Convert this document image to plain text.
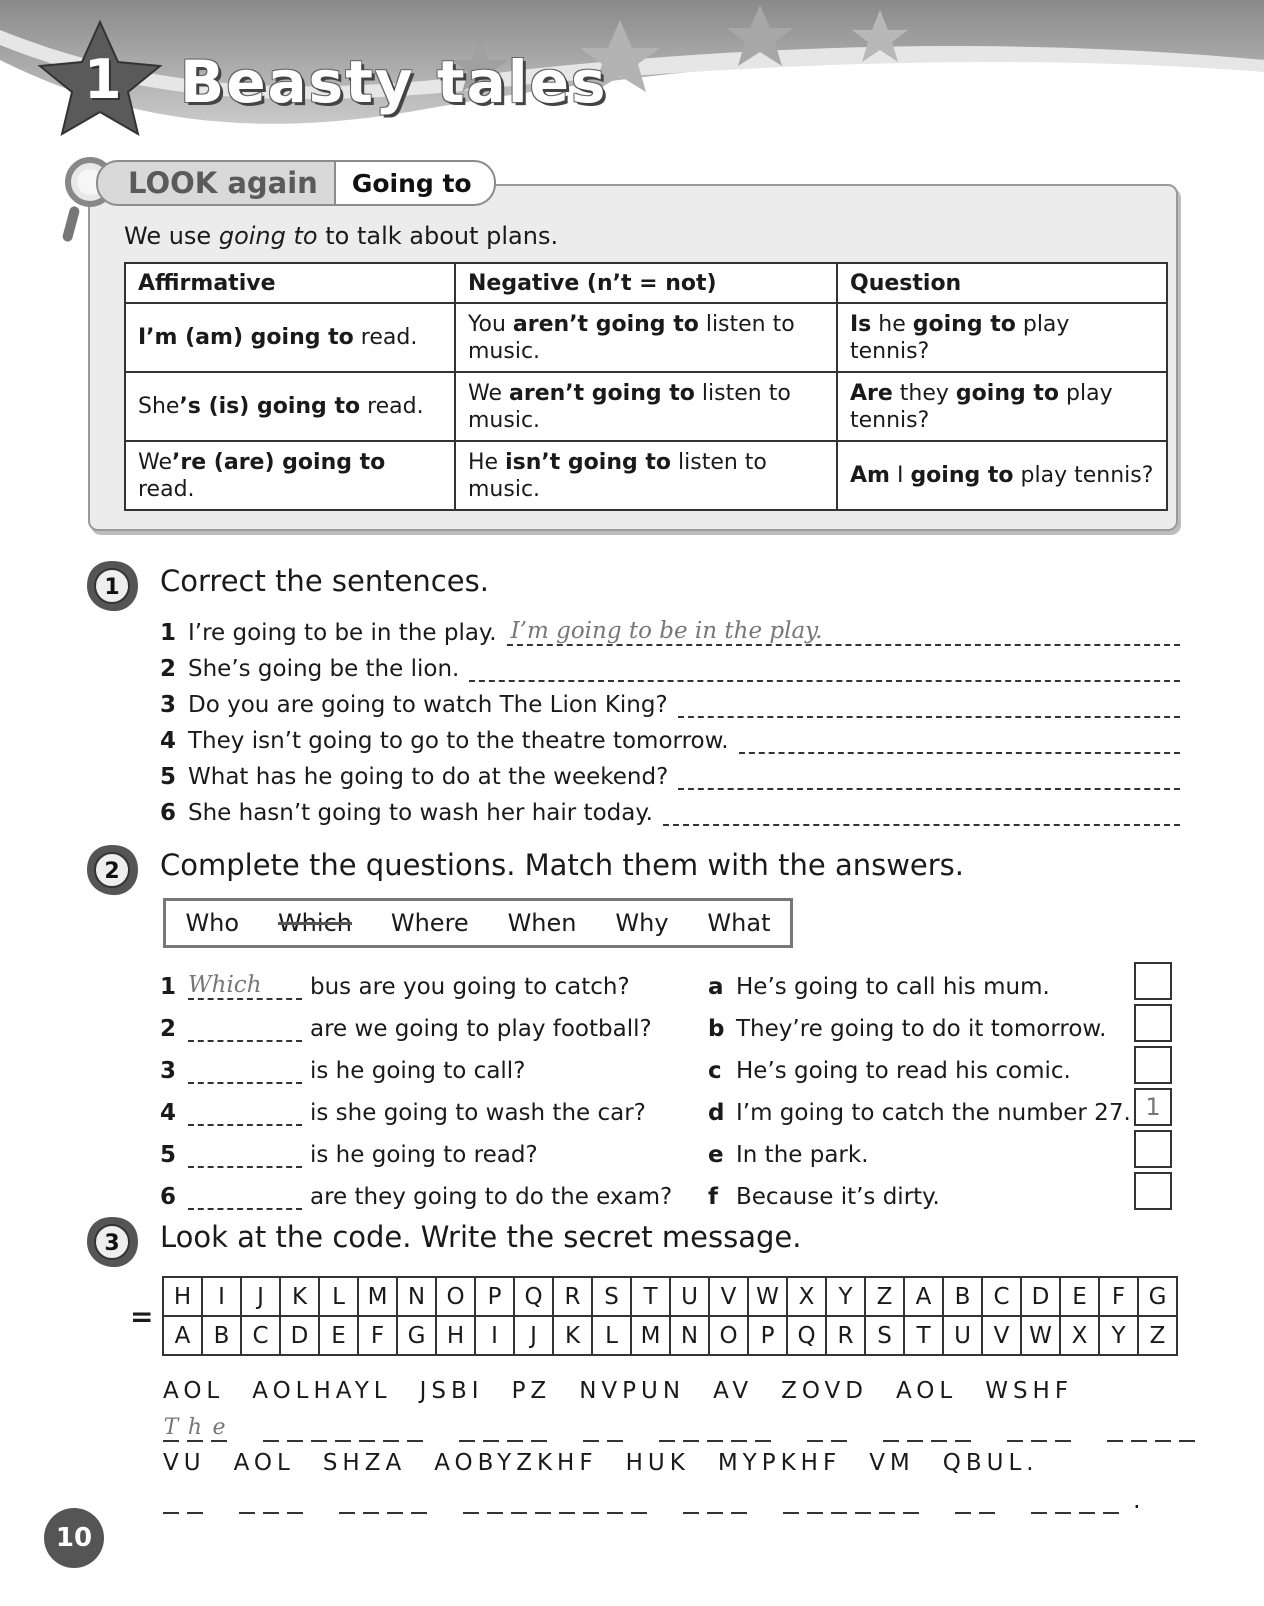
1 Beasty tales
LOOK again	Going to
We use going to to talk about plans.
Affirmative	Negative (n’t = not)	Question
I’m (am) going to read.	You aren’t going to listen to music.	Is he going to play tennis?
She’s (is) going to read.	We aren’t going to listen to music.	Are they going to play tennis?
We’re (are) going to read.	He isn’t going to listen to music.	Am I going to play tennis?
1 Correct the sentences.
1 I’re going to be in the play. I’m going to be in the play.
2 She’s going be the lion.
3 Do you are going to watch The Lion King?
4 They isn’t going to go to the theatre tomorrow.
5 What has he going to do at the weekend?
6 She hasn’t going to wash her hair today.
2 Complete the questions. Match them with the answers.
Who Which Where When Why What
1 Which bus are you going to catch?
2	are we going to play football?
3	is he going to call?
4	is she going to wash the car?
5	is he going to read?
6	are they going to do the exam?
a He’s going to call his mum.
b They’re going to do it tomorrow.
c He’s going to read his comic.
d I’m going to catch the number 27.
e In the park.
f Because it’s dirty.
1
3 Look at the code. Write the secret message.
=
H	I	J	K	L	M	N	O	P	Q	R	S	T	U	V	W	X	Y	Z	A	B	C	D	E	F	G
A	B	C	D	E	F	G	H	I	J	K	L	M	N	O	P	Q	R	S	T	U	V	W	X	Y	Z
AOL AOLHAYL JSBI PZ NVPUN AV ZOVD AOL WSHF
T h e
VU AOL SHZA AOBYZKHF HUK MYPKHF VM QBUL.
.
10
